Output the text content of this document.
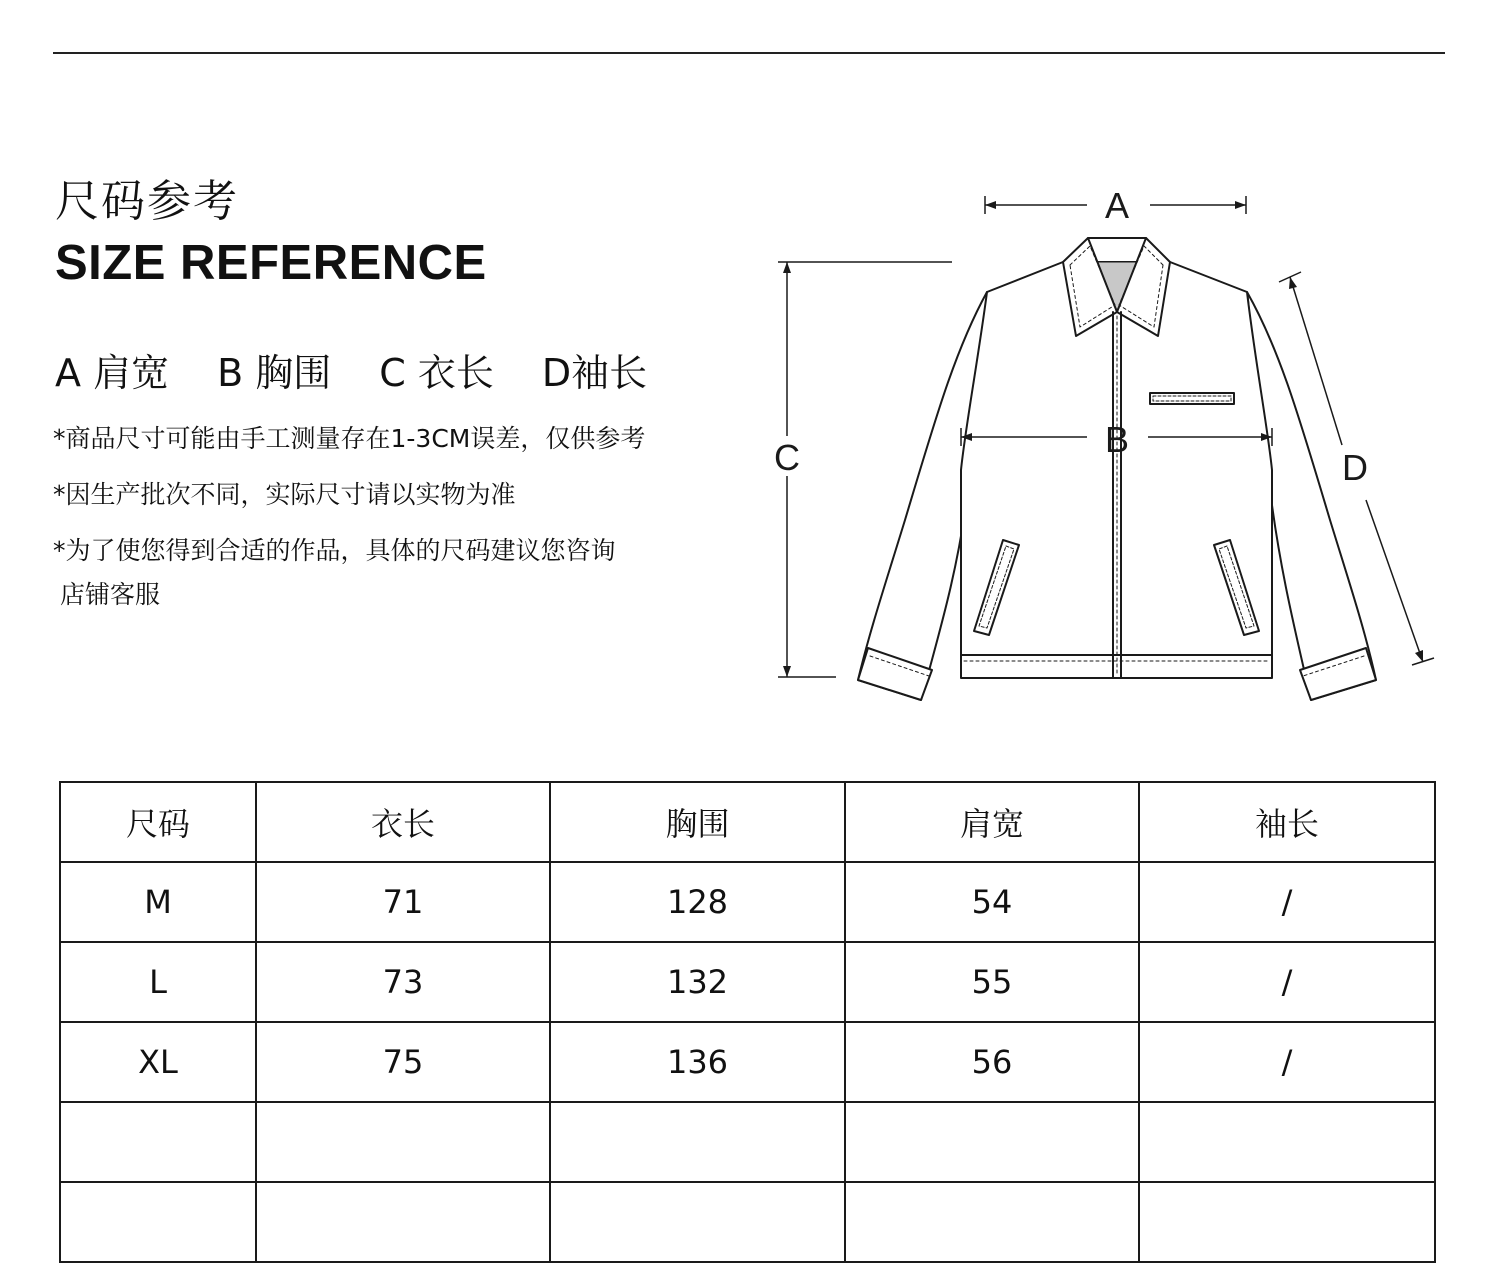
尺码参考
SIZE REFERENCE
A 肩宽 B 胸围 C 衣长 D袖长
*商品尺寸可能由手工测量存在1-3CM误差，仅供参考
*因生产批次不同，实际尺寸请以实物为准
*为了使您得到合适的作品，具体的尺码建议您咨询
店铺客服
A
B
C	D
尺码	衣长	胸围	肩宽	袖长
M	71	128	54	/
L	73	132	55	/
XL	75	136	56	/
